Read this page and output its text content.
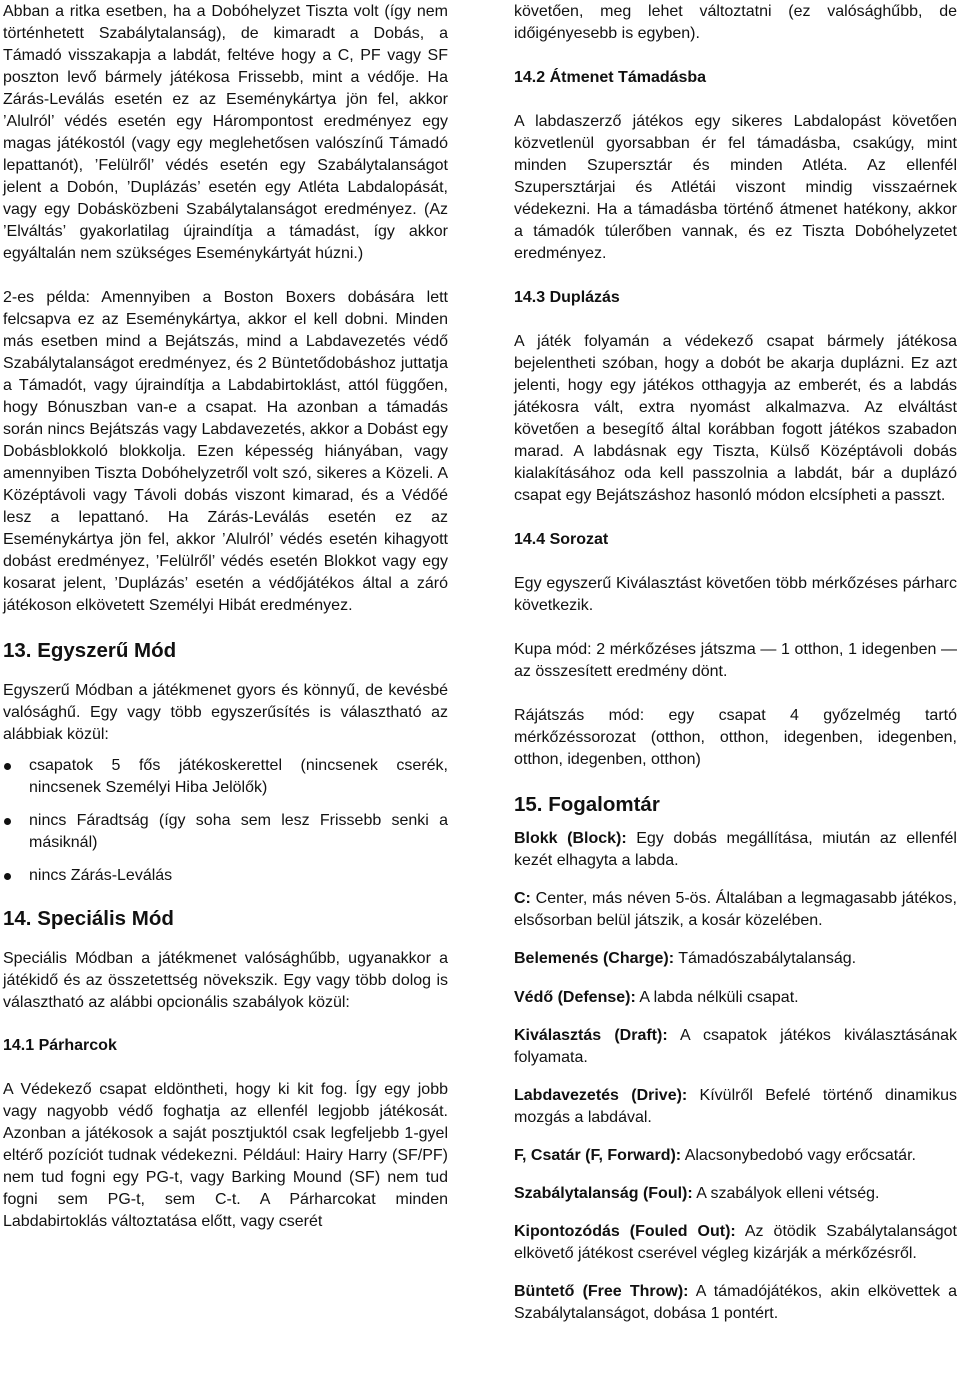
Abban a ritka esetben, ha a Dobóhelyzet Tiszta volt (így nem történhetett Szabálytalanság), de kimaradt a Dobás, a Támadó visszakapja a labdát, feltéve hogy a C, PF vagy SF poszton levő bármely játékosa Frissebb, mint a védője. Ha Zárás-Leválás esetén ez az Eseménykártya jön fel, akkor ’Alulról’ védés esetén egy Hárompontost eredményez egy magas játékostól (vagy egy meglehetősen valószínű Támadó lepattanót), ’Felülről’ védés esetén egy Szabálytalanságot jelent a Dobón, ’Duplázás’ esetén egy Atléta Labdalopását, vagy egy Dobásközbeni Szabálytalanságot eredményez. (Az ’Elváltás’ gyakorlatilag újraindítja a támadást, így akkor egyáltalán nem szükséges Eseménykártyát húzni.)

2-es példa: Amennyiben a Boston Boxers dobására lett felcsapva ez az Eseménykártya, akkor el kell dobni. Minden más esetben mind a Bejátszás, mind a Labdavezetés védő Szabálytalanságot eredményez, és 2 Büntetődobáshoz juttatja a Támadót, vagy újraindítja a Labdabirtoklást, attól függően, hogy Bónuszban van-e a csapat. Ha azonban a támadás során nincs Bejátszás vagy Labdavezetés, akkor a Dobást egy Dobásblokkoló blokkolja. Ezen képesség hiányában, vagy amennyiben Tiszta Dobóhelyzetről volt szó, sikeres a Közeli. A Középtávoli vagy Távoli dobás viszont kimarad, és a Védőé lesz a lepattanó. Ha Zárás-Leválás esetén ez az Eseménykártya jön fel, akkor ’Alulról’ védés esetén kihagyott dobást eredményez, ’Felülről’ védés esetén Blokkot vagy egy kosarat jelent, ’Duplázás’ esetén a védőjátékos által a záró játékoson elkövetett Személyi Hibát eredményez.

13. Egyszerű Mód

Egyszerű Módban a játékmenet gyors és könnyű, de kevésbé valósághű. Egy vagy több egyszerűsítés is választható az alábbiak közül:

csapatok 5 fős játékoskerettel (nincsenek cserék, nincsenek Személyi Hiba Jelölők)
nincs Fáradtság (így soha sem lesz Frissebb senki a másiknál)
nincs Zárás-Leválás
14. Speciális Mód

Speciális Módban a játékmenet valósághűbb, ugyanakkor a játékidő és az összetettség növekszik. Egy vagy több dolog is választható az alábbi opcionális szabályok közül:

14.1 Párharcok

A Védekező csapat eldöntheti, hogy ki kit fog. Így egy jobb vagy nagyobb védő foghatja az ellenfél legjobb játékosát. Azonban a játékosok a saját posztjuktól csak legfeljebb 1-gyel eltérő pozíciót tudnak védekezni. Például: Hairy Harry (SF/PF) nem tud fogni egy PG-t, vagy Barking Mound (SF) nem tud fogni sem PG-t, sem C-t. A Párharcokat minden Labdabirtoklás változtatása előtt, vagy cserét

követően, meg lehet változtatni (ez valósághűbb, de időigényesebb is egyben).

14.2 Átmenet Támadásba

A labdaszerző játékos egy sikeres Labdalopást követően közvetlenül gyorsabban ér fel támadásba, csakúgy, mint minden Szupersztár és minden Atléta. Az ellenfél Szupersztárjai és Atlétái viszont mindig visszaérnek védekezni. Ha a támadásba történő átmenet hatékony, akkor a támadók túlerőben vannak, és ez Tiszta Dobóhelyzetet eredményez.

14.3 Duplázás

A játék folyamán a védekező csapat bármely játékosa bejelentheti szóban, hogy a dobót be akarja duplázni. Ez azt jelenti, hogy egy játékos otthagyja az emberét, és a labdás játékosra vált, extra nyomást alkalmazva. Az elváltást követően a besegítő által korábban fogott játékos szabadon marad. A labdásnak egy Tiszta, Külső Középtávoli dobás kialakításához oda kell passzolnia a labdát, bár a duplázó csapat egy Bejátszáshoz hasonló módon elcsípheti a passzt.

14.4 Sorozat

Egy egyszerű Kiválasztást követően több mérkőzéses párharc következik.

Kupa mód: 2 mérkőzéses játszma — 1 otthon, 1 idegenben — az összesített eredmény dönt.

Rájátszás mód: egy csapat 4 győzelmég tartó mérkőzéssorozat (otthon, otthon, idegenben, idegenben, otthon, idegenben, otthon)

15. Fogalomtár

Blokk (Block): Egy dobás megállítása, miután az ellenfél kezét elhagyta a labda.

C: Center, más néven 5-ös. Általában a legmagasabb játékos, elsősorban belül játszik, a kosár közelében.

Belemenés (Charge): Támadószabálytalanság.

Védő (Defense): A labda nélküli csapat.

Kiválasztás (Draft): A csapatok játékos kiválasztásának folyamata.

Labdavezetés (Drive): Kívülről Befelé történő dinamikus mozgás a labdával.

F, Csatár (F, Forward): Alacsonybedobó vagy erőcsatár.

Szabálytalanság (Foul): A szabályok elleni vétség.

Kipontozódás (Fouled Out): Az ötödik Szabálytalanságot elkövető játékost cserével végleg kizárják a mérkőzésről.

Büntető (Free Throw): A támadójátékos, akin elkövettek a Szabálytalanságot, dobása 1 pontért.
